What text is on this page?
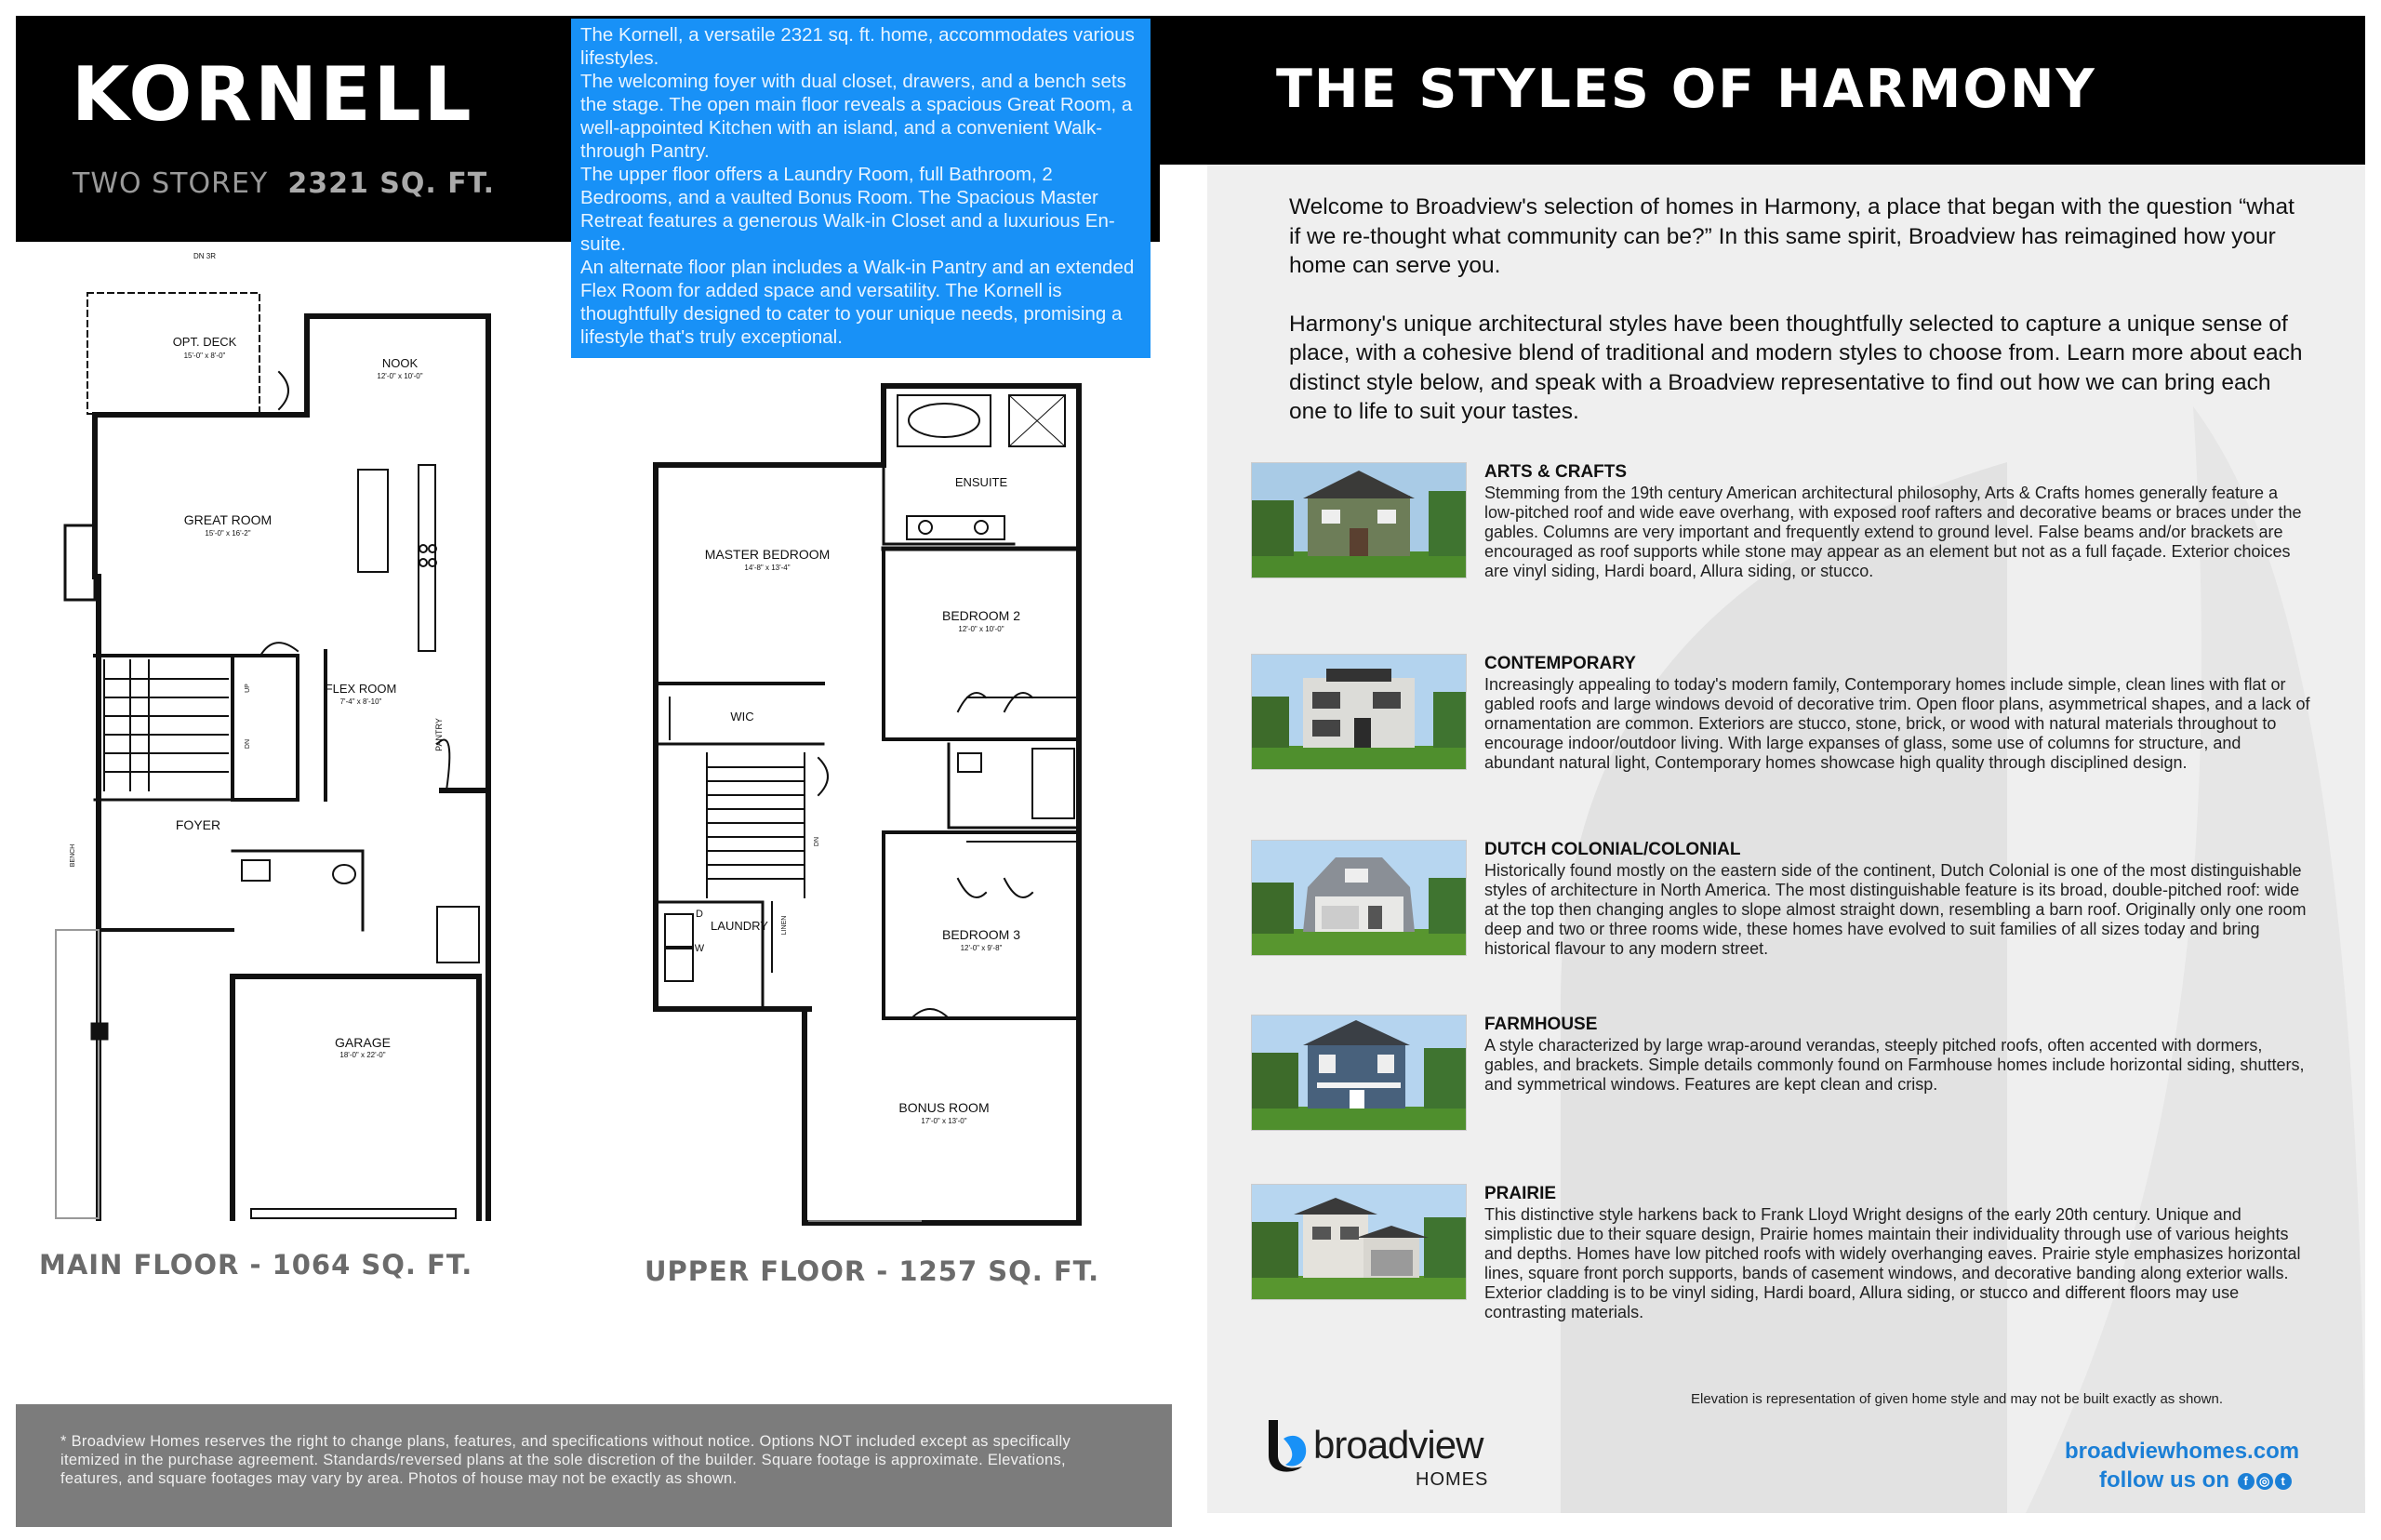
KORNELL
TWO STOREY 2321 SQ. FT.
DN 3R
OPT. DECK
15'-0" x 8'-0"
NOOK
12'-0" x 10'-0"
GREAT ROOM
15'-0" x 16'-2"
FLEX ROOM
7'-4" x 8'-10"
FOYER
GARAGE
18'-0" x 22'-0"
PANTRY
BENCH
UP
DN
MASTER BEDROOM
14'-8" x 13'-4"
ENSUITE
BEDROOM 2
12'-0" x 10'-0"
WIC
LAUNDRY
D
W
LINEN
DN
BEDROOM 3
12'-0" x 9'-8"
BONUS ROOM
17'-0" x 13'-0"

The Kornell, a versatile 2321 sq. ft. home, accommodates various lifestyles.

The welcoming foyer with dual closet, drawers, and a bench sets the stage. The open main floor reveals a spacious Great Room, a well-appointed Kitchen with an island, and a convenient Walk-through Pantry.

The upper floor offers a Laundry Room, full Bathroom, 2 Bedrooms, and a vaulted Bonus Room. The Spacious Master Retreat features a generous Walk-in Closet and a luxurious En-suite.

An alternate floor plan includes a Walk-in Pantry and an extended Flex Room for added space and versatility. The Kornell is thoughtfully designed to cater to your unique needs, promising a lifestyle that's truly exceptional.

MAIN FLOOR - 1064 SQ. FT.	UPPER FLOOR - 1257 SQ. FT.
* Broadview Homes reserves the right to change plans, features, and specifications without notice. Options NOT included except as specifically itemized in the purchase agreement. Standards/reversed plans at the sole discretion of the builder. Square footage is approximate. Elevations, features, and square footages may vary by area. Photos of house may not be exactly as shown.
THE STYLES OF HARMONY

Welcome to Broadview's selection of homes in Harmony, a place that began with the question “what if we re-thought what community can be?” In this same spirit, Broadview has reimagined how your home can serve you.

Harmony's unique architectural styles have been thoughtfully selected to capture a unique sense of place, with a cohesive blend of traditional and modern styles to choose from. Learn more about each distinct style below, and speak with a Broadview representative to find out how we can bring each one to life to suit your tastes.

ARTS & CRAFTS
Stemming from the 19th century American architectural philosophy, Arts & Crafts homes generally feature a low-pitched roof and wide eave overhang, with exposed roof rafters and decorative beams or braces under the gables. Columns are very important and frequently extend to ground level. False beams and/or brackets are encouraged as roof supports while stone may appear as an element but not as a full façade. Exterior choices are vinyl siding, Hardi board, Allura siding, or stucco.
CONTEMPORARY
Increasingly appealing to today's modern family, Contemporary homes include simple, clean lines with flat or gabled roofs and large windows devoid of decorative trim. Open floor plans, asymmetrical shapes, and a lack of ornamentation are common. Exteriors are stucco, stone, brick, or wood with natural materials throughout to encourage indoor/outdoor living. With large expanses of glass, some use of columns for structure, and abundant natural light, Contemporary homes showcase high quality through disciplined design.
DUTCH COLONIAL/COLONIAL
Historically found mostly on the eastern side of the continent, Dutch Colonial is one of the most distinguishable styles of architecture in North America. The most distinguishable feature is its broad, double-pitched roof: wide at the top then changing angles to slope almost straight down, resembling a barn roof. Originally only one room deep and two or three rooms wide, these homes have evolved to suit families of all sizes today and bring historical flavour to any modern street.
FARMHOUSE
A style characterized by large wrap-around verandas, steeply pitched roofs, often accented with dormers, gables, and brackets. Simple details commonly found on Farmhouse homes include horizontal siding, shutters, and symmetrical windows. Features are kept clean and crisp.
PRAIRIE
This distinctive style harkens back to Frank Lloyd Wright designs of the early 20th century. Unique and simplistic due to their square design, Prairie homes maintain their individuality through use of various heights and depths. Homes have low pitched roofs with widely overhanging eaves. Prairie style emphasizes horizontal lines, square front porch supports, bands of casement windows, and decorative banding along exterior walls. Exterior cladding is to be vinyl siding, Hardi board, Allura siding, or stucco and different floors may use contrasting materials.
Elevation is representation of given home style and may not be built exactly as shown.
broadview
HOMES
broadviewhomes.com
follow us on f ◎ t
